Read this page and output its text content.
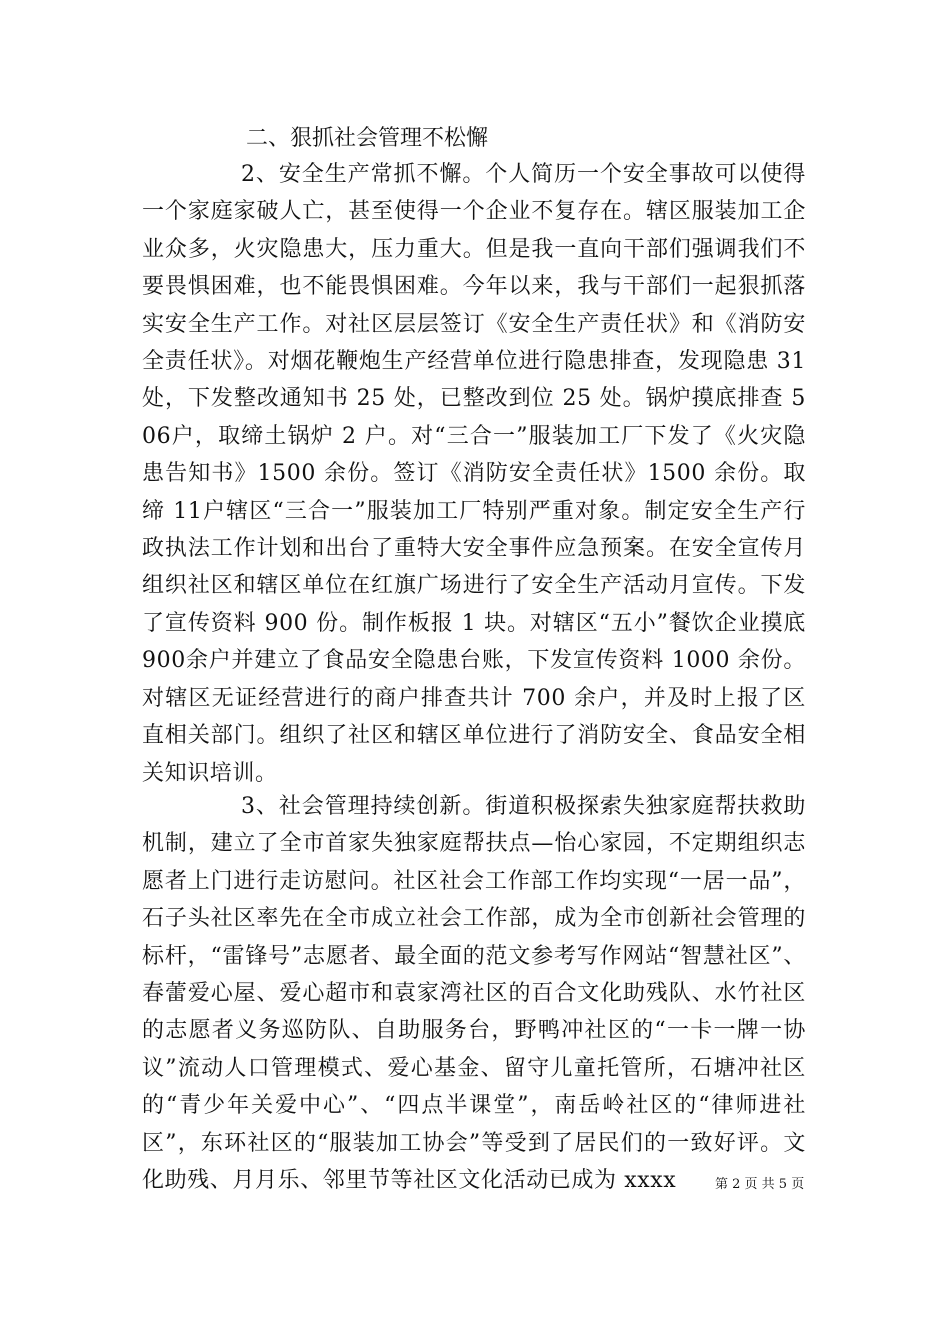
二、狠抓社会管理不松懈

2、安全生产常抓不懈。个人简历一个安全事故可以使得一个家庭家破人亡，甚至使得一个企业不复存在。辖区服装加工企业众多，火灾隐患大，压力重大。但是我一直向干部们强调我们不要畏惧困难，也不能畏惧困难。今年以来，我与干部们一起狠抓落实安全生产工作。对社区层层签订《安全生产责任状》和《消防安全责任状》。对烟花鞭炮生产经营单位进行隐患排查，发现隐患 31处，下发整改通知书 25 处，已整改到位 25 处。锅炉摸底排查 506户，取缔土锅炉 2 户。对“三合一”服装加工厂下发了《火灾隐患告知书》1500 余份。签订《消防安全责任状》1500 余份。取缔 11户辖区“三合一”服装加工厂特别严重对象。制定安全生产行政执法工作计划和出台了重特大安全事件应急预案。在安全宣传月组织社区和辖区单位在红旗广场进行了安全生产活动月宣传。下发了宣传资料 900 份。制作板报 1 块。对辖区“五小”餐饮企业摸底 900余户并建立了食品安全隐患台账，下发宣传资料 1000 余份。对辖区无证经营进行的商户排查共计 700 余户，并及时上报了区直相关部门。组织了社区和辖区单位进行了消防安全、食品安全相关知识培训。

3、社会管理持续创新。街道积极探索失独家庭帮扶救助机制，建立了全市首家失独家庭帮扶点—怡心家园，不定期组织志愿者上门进行走访慰问。社区社会工作部工作均实现“一居一品”，石子头社区率先在全市成立社会工作部，成为全市创新社会管理的标杆，“雷锋号”志愿者、最全面的范文参考写作网站“智慧社区”、春蕾爱心屋、爱心超市和袁家湾社区的百合文化助残队、水竹社区的志愿者义务巡防队、自助服务台，野鸭冲社区的“一卡一牌一协议”流动人口管理模式、爱心基金、留守儿童托管所，石塘冲社区的“青少年关爱中心”、“四点半课堂”，南岳岭社区的“律师进社区”，东环社区的“服装加工协会”等受到了居民们的一致好评。文化助残、月月乐、邻里节等社区文化活动已成为 xxxx	第 2 页 共 5 页
